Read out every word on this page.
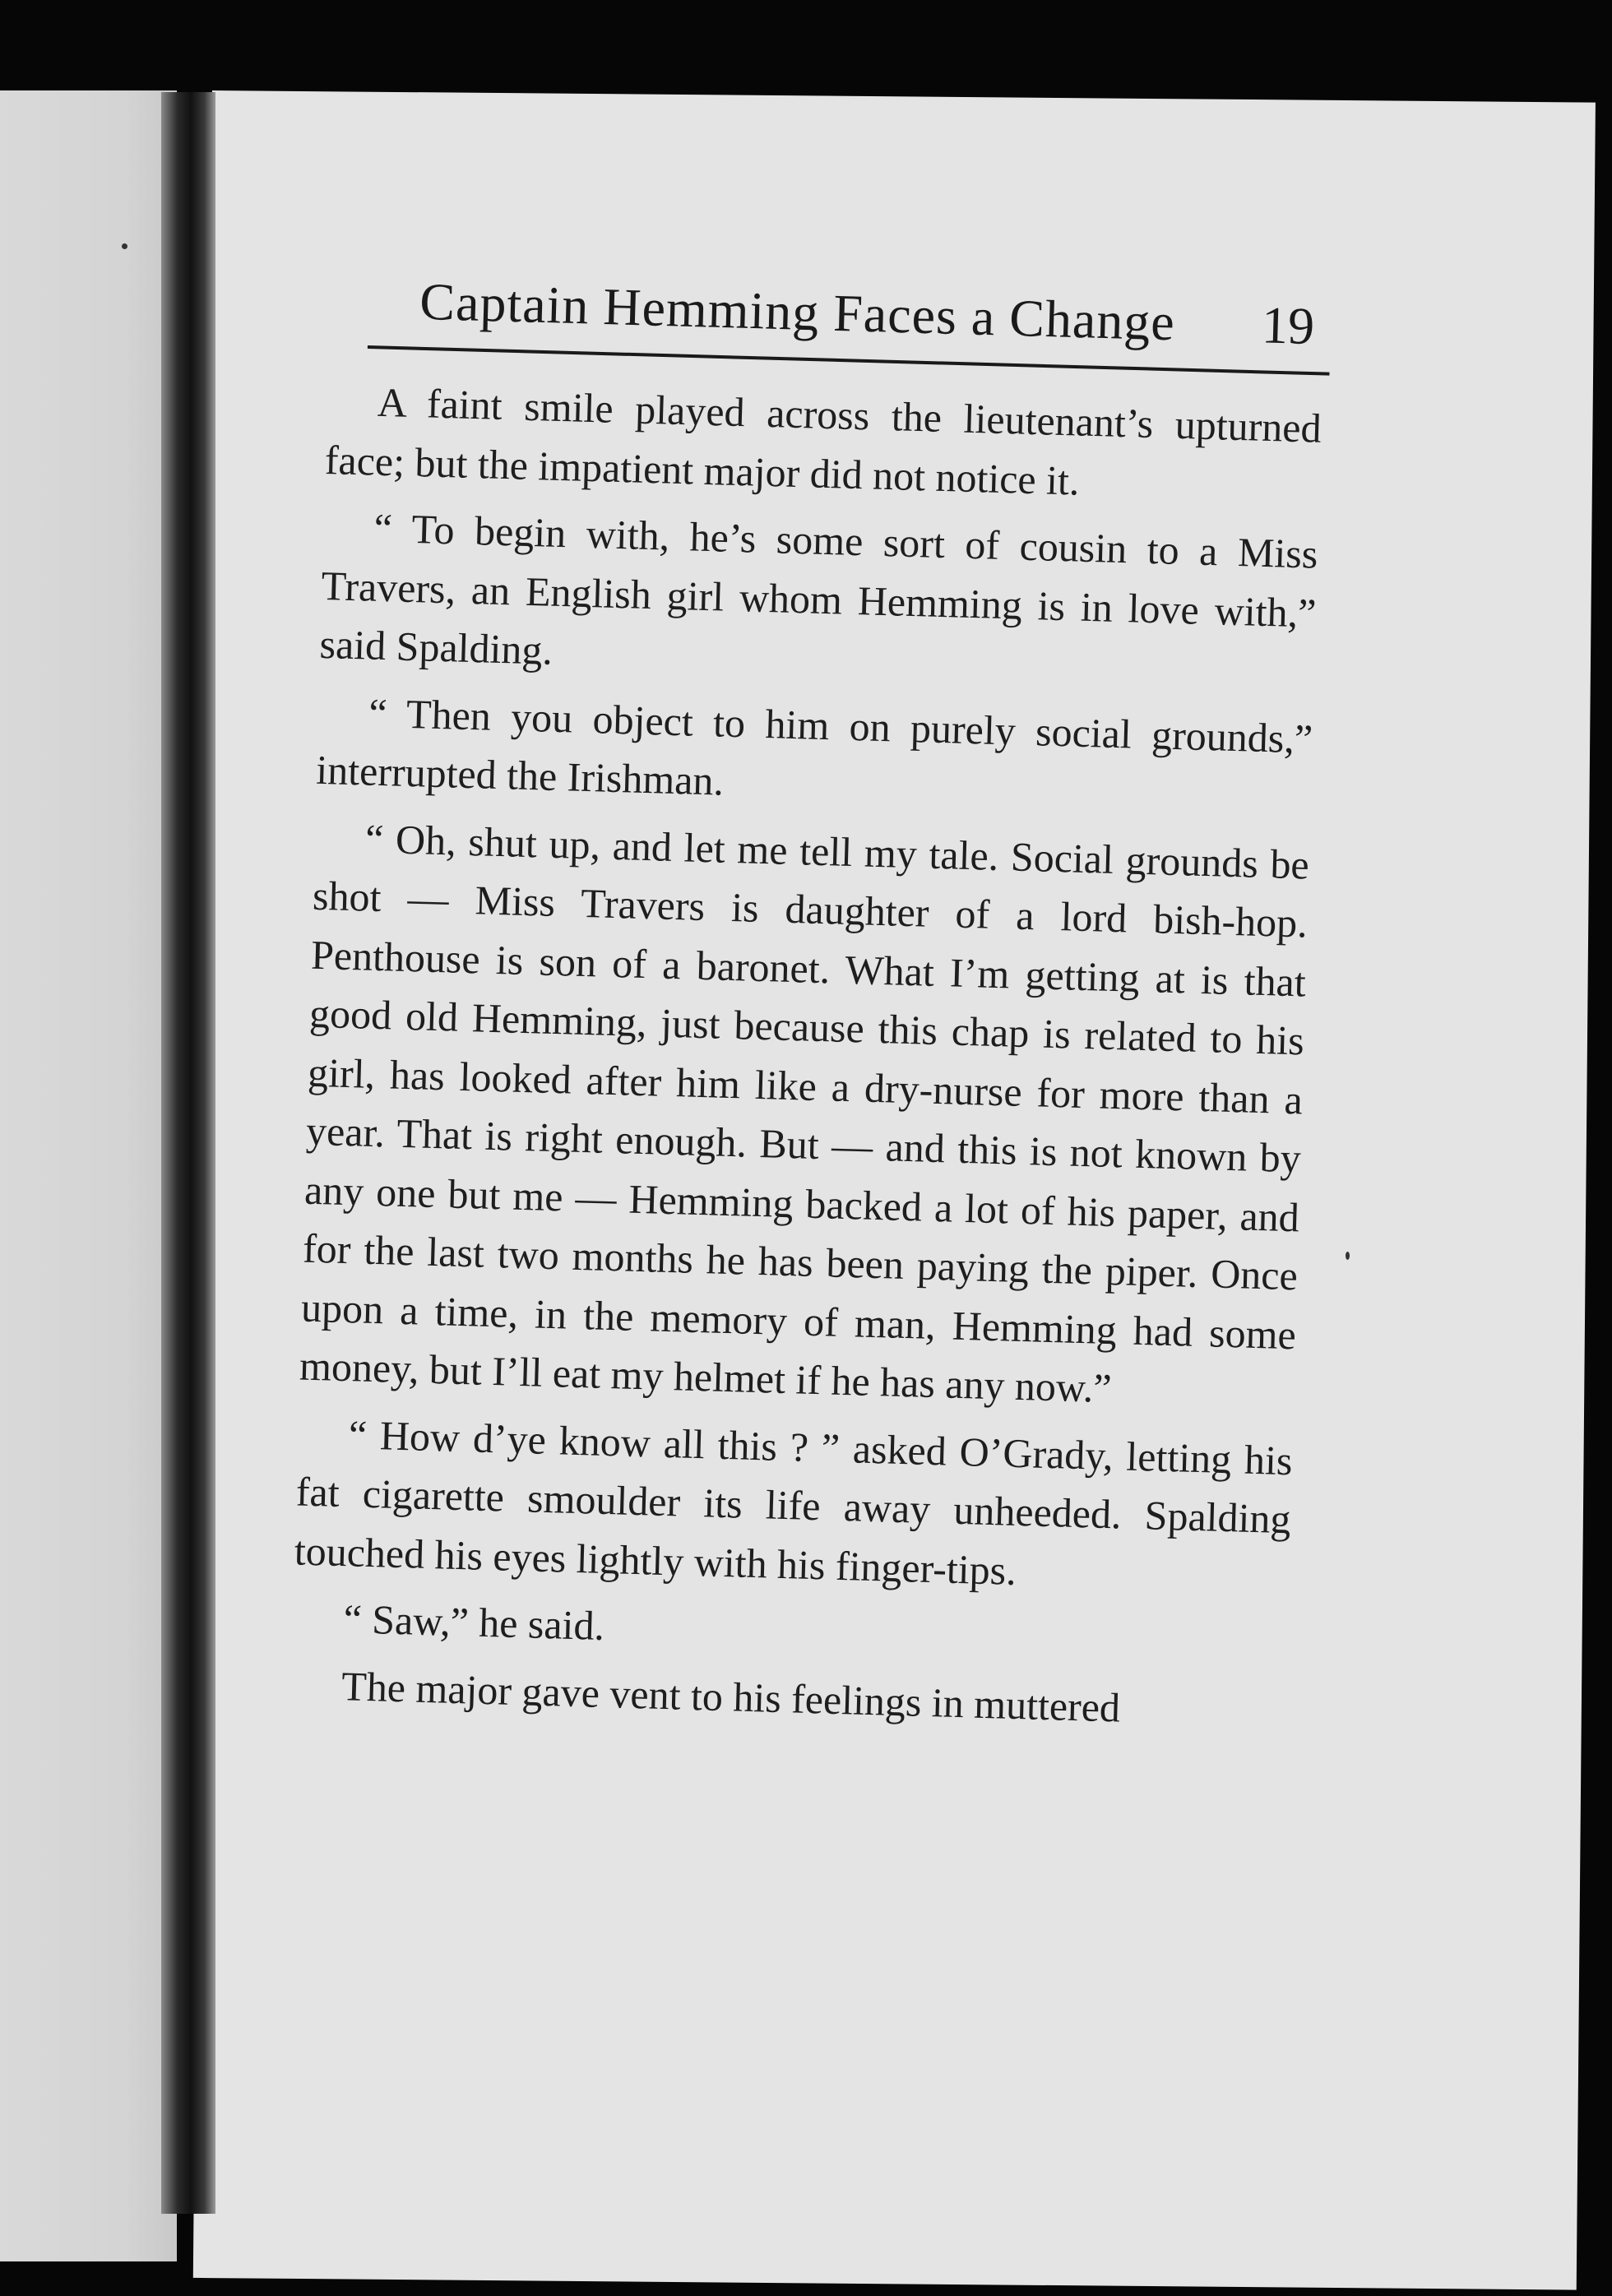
Captain Hemming Faces a Change 19

A faint smile played across the lieutenant’s upturned face; but the impatient major did not notice it.

“ To begin with, he’s some sort of cousin to a Miss Travers, an English girl whom Hemming is in love with,” said Spalding.

“ Then you object to him on purely social grounds,” interrupted the Irishman.

“ Oh, shut up, and let me tell my tale. Social grounds be shot — Miss Travers is daughter of a lord bish-hop. Penthouse is son of a baronet. What I’m getting at is that good old Hemming, just because this chap is related to his girl, has looked after him like a dry-nurse for more than a year. That is right enough. But — and this is not known by any one but me — Hemming backed a lot of his paper, and for the last two months he has been paying the piper. Once upon a time, in the memory of man, Hemming had some money, but I’ll eat my helmet if he has any now.”

“ How d’ye know all this ? ” asked O’Grady, letting his fat cigarette smoulder its life away unheeded. Spalding touched his eyes lightly with his finger-tips.

“ Saw,” he said.

The major gave vent to his feelings in muttered
